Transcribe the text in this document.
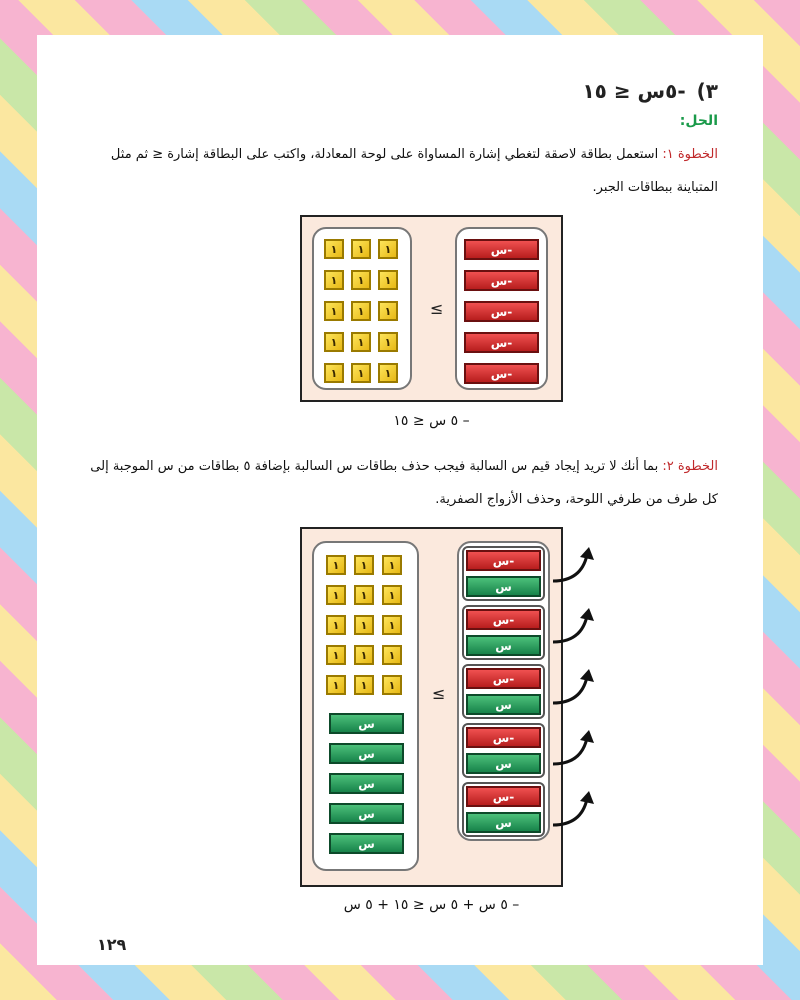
٣) -٥س ≤ ١٥
الحل:
الخطوة ١: استعمل بطاقة لاصقة لتغطي إشارة المساواة على لوحة المعادلة، واكتب على البطاقة إشارة ≤ ثم مثل المتباينة ببطاقات الجبر.
١	١	١
١	١	١
١	١	١
١	١	١
١	١	١
≤
-س
-س
-س
-س
-س
– ٥ س ≤ ١٥
الخطوة ٢: بما أنك لا تريد إيجاد قيم س السالبة فيجب حذف بطاقات س السالبة بإضافة ٥ بطاقات من س الموجبة إلى كل طرف من طرفي اللوحة، وحذف الأزواج الصفرية.
١	١	١
١	١	١
١	١	١
١	١	١
١	١	١
س
س
س
س
س
≤
-س
س
-س
س
-س
س
-س
س
-س
س
– ٥ س + ٥ س ≤ ١٥ + ٥ س
١٢٩
